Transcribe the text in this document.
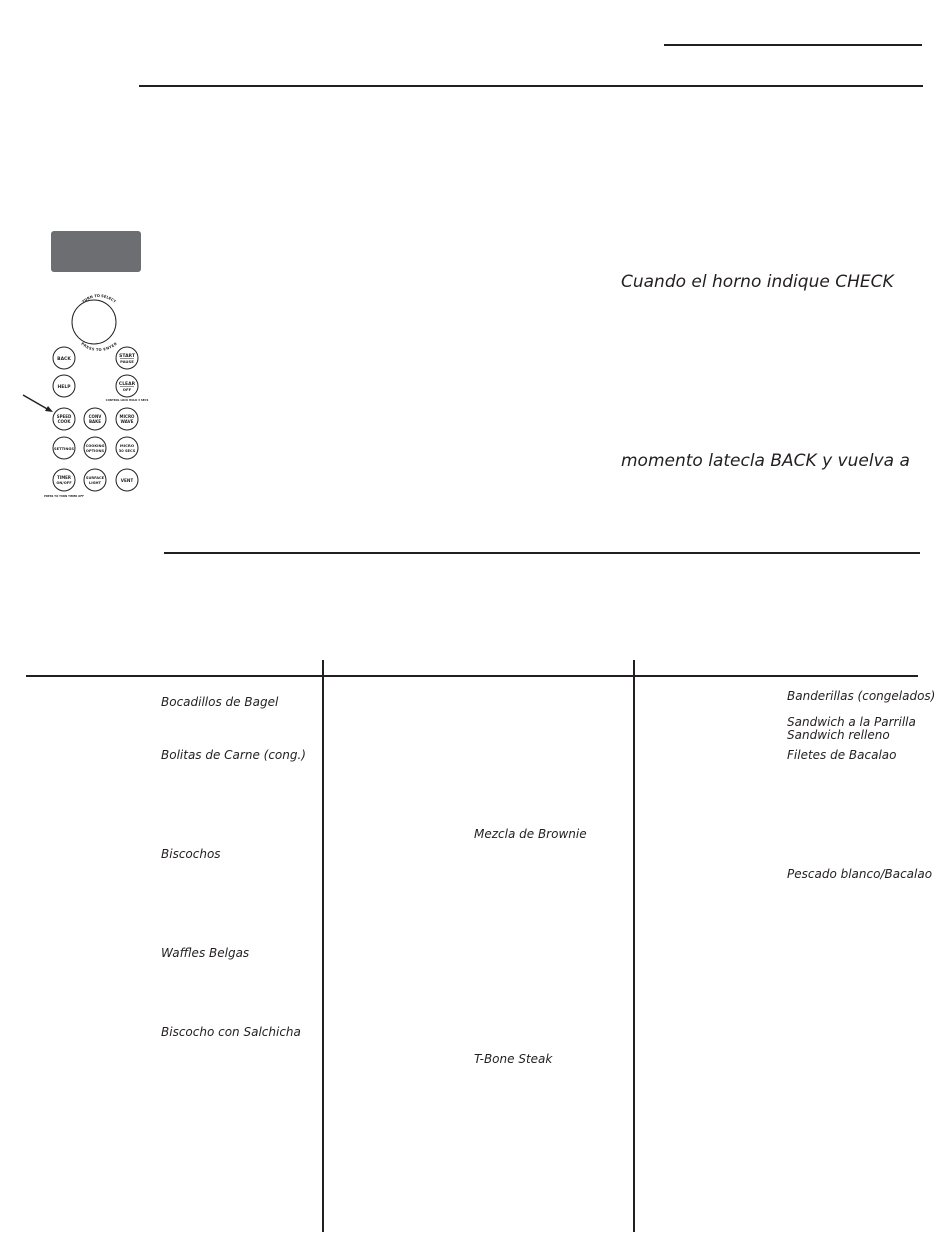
TURN TO SELECT
PRESS TO ENTER
BACK
START
PAUSE
HELP
CLEAR
OFF
CONTROL LOCK HOLD 3 SECS
SPEED
COOK
CONV
BAKE
MICRO
WAVE
SETTINGS
COOKING
OPTIONS
MICRO
30 SECS
TIMER
ON/OFF
PRESS TO TURN TIMER OFF
SURFACE
LIGHT	VENT
Cuando el horno indique CHECK
momento latecla BACK y vuelva a
Bocadillos de Bagel
Bolitas de Carne (cong.)
Biscochos
Waffles Belgas
Biscocho con Salchicha
Mezcla de Brownie
T-Bone Steak
Banderillas (congelados)
Sandwich a la Parrilla
Sandwich relleno
Filetes de Bacalao
Pescado blanco/Bacalao
